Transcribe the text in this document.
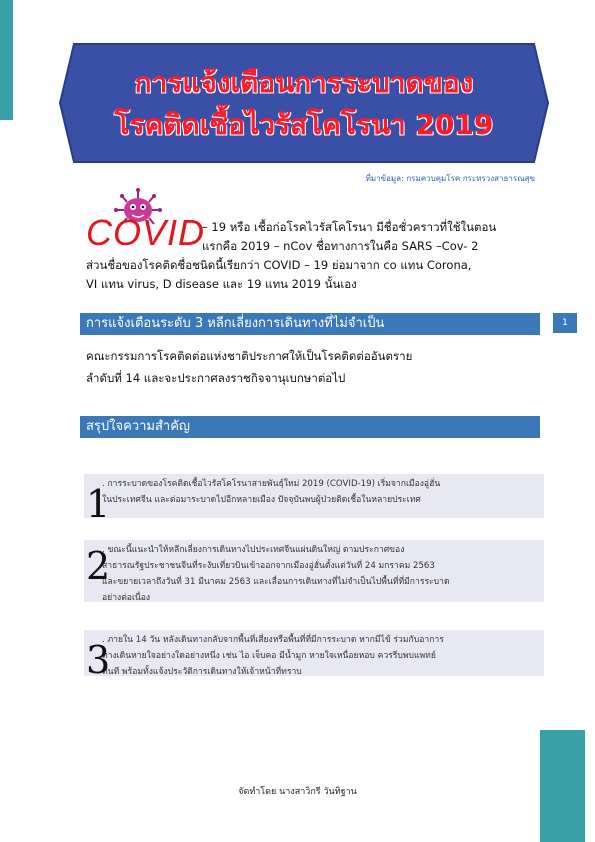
การแจ้งเตือนการระบาดของ
โรคติดเชื้อไวรัสโคโรนา 2019
ที่มาข้อมูล: กรมควบคุมโรค กระทรวงสาธารณสุข
COVID
– 19 หรือ เชื้อก่อโรคไวรัสโคโรนา มีชื่อชั่วคราวที่ใช้ในตอน
แรกคือ 2019 – nCov ชื่อทางการในคือ SARS –Cov- 2
ส่วนชื่อของโรคติดชื่อชนิดนี้เรียกว่า COVID – 19 ย่อมาจาก co แทน Corona,
VI แทน virus, D disease และ 19 แทน 2019 นั้นเอง
การแจ้งเตือนระดับ 3 หลีกเลี่ยงการเดินทางที่ไม่จำเป็น	1
คณะกรรมการโรคติดต่อแห่งชาติประกาศให้เป็นโรคติดต่ออันตราย
ลำดับที่ 14 และจะประกาศลงราชกิจจานุเบกษาต่อไป
สรุปใจความสำคัญ
. การระบาดของโรคติดเชื้อไวรัสโคโรนาสายพันธุ์ใหม่ 2019 (COVID-19) เริ่มจากเมืองอู่ฮั่น
ในประเทศจีน และต่อมาระบาดไปอีกหลายเมือง ปัจจุบันพบผู้ป่วยติดเชื้อในหลายประเทศ
1
. ขณะนี้แนะนำให้หลีกเลี่ยงการเดินทางไปประเทศจีนแผ่นดินใหญ่ ตามประกาศของ
สาธารณรัฐประชาชนจีนที่ระงับเที่ยวบินเข้าออกจากเมืองอู่ฮั่นตั้งแต่วันที่ 24 มกราคม 2563
และขยายเวลาถึงวันที่ 31 มีนาคม 2563 และเลื่อนการเดินทางที่ไม่จำเป็นไปพื้นที่ที่มีการระบาด
อย่างต่อเนื่อง
2
. ภายใน 14 วัน หลังเดินทางกลับจากพื้นที่เสี่ยงหรือพื้นที่ที่มีการระบาด หากมีไข้ ร่วมกับอาการ
ทางเดินหายใจอย่างใดอย่างหนึ่ง เช่น ไอ เจ็บคอ มีน้ำมูก หายใจเหนื่อยหอบ ควรรีบพบแพทย์
ทันที พร้อมทั้งแจ้งประวัติการเดินทางให้เจ้าหน้าที่ทราบ
3
จัดทำโดย นางสาวิกรี วันทิฐาน
